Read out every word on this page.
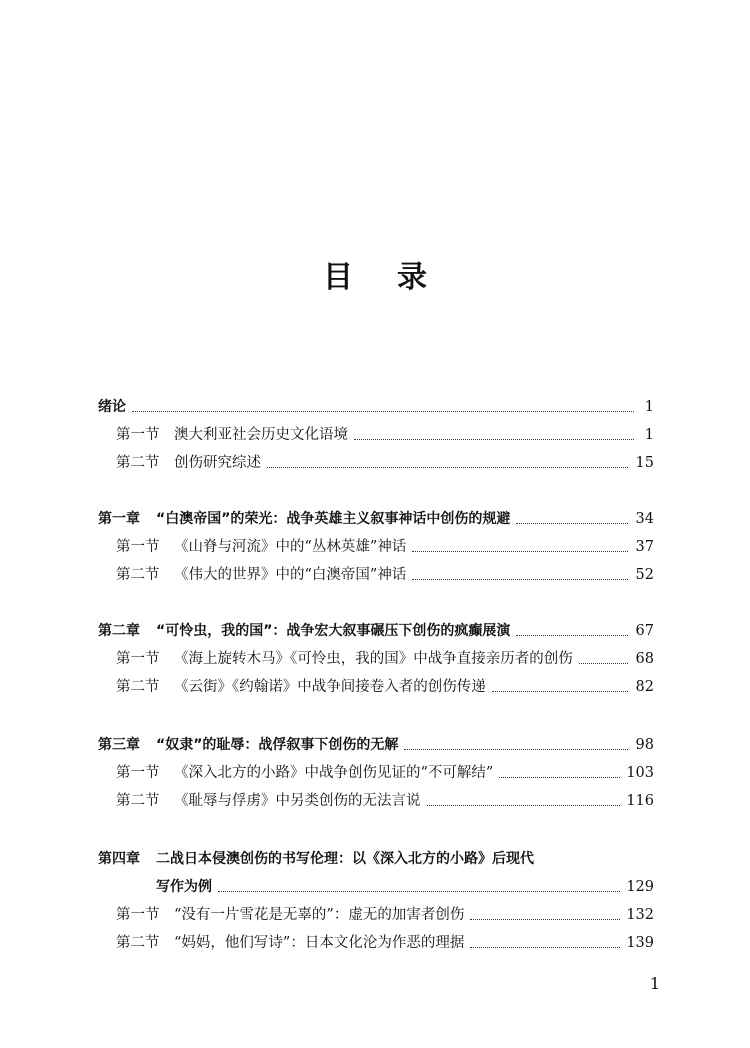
目 录
绪论	1
第一节 澳大利亚社会历史文化语境	1
第二节 创伤研究综述	15
第一章 “白澳帝国”的荣光：战争英雄主义叙事神话中创伤的规避	34
第一节 《山脊与河流》中的“丛林英雄”神话	37
第二节 《伟大的世界》中的“白澳帝国”神话	52
第二章 “可怜虫，我的国”：战争宏大叙事碾压下创伤的疯癫展演	67
第一节 《海上旋转木马》《可怜虫，我的国》中战争直接亲历者的创伤	68
第二节 《云街》《约翰诺》中战争间接卷入者的创伤传递	82
第三章 “奴隶”的耻辱：战俘叙事下创伤的无解	98
第一节 《深入北方的小路》中战争创伤见证的“不可解结”	103
第二节 《耻辱与俘虏》中另类创伤的无法言说	116
第四章 二战日本侵澳创伤的书写伦理：以《深入北方的小路》后现代
写作为例	129
第一节 “没有一片雪花是无辜的”：虚无的加害者创伤	132
第二节 “妈妈，他们写诗”：日本文化沦为作恶的理据	139
1
